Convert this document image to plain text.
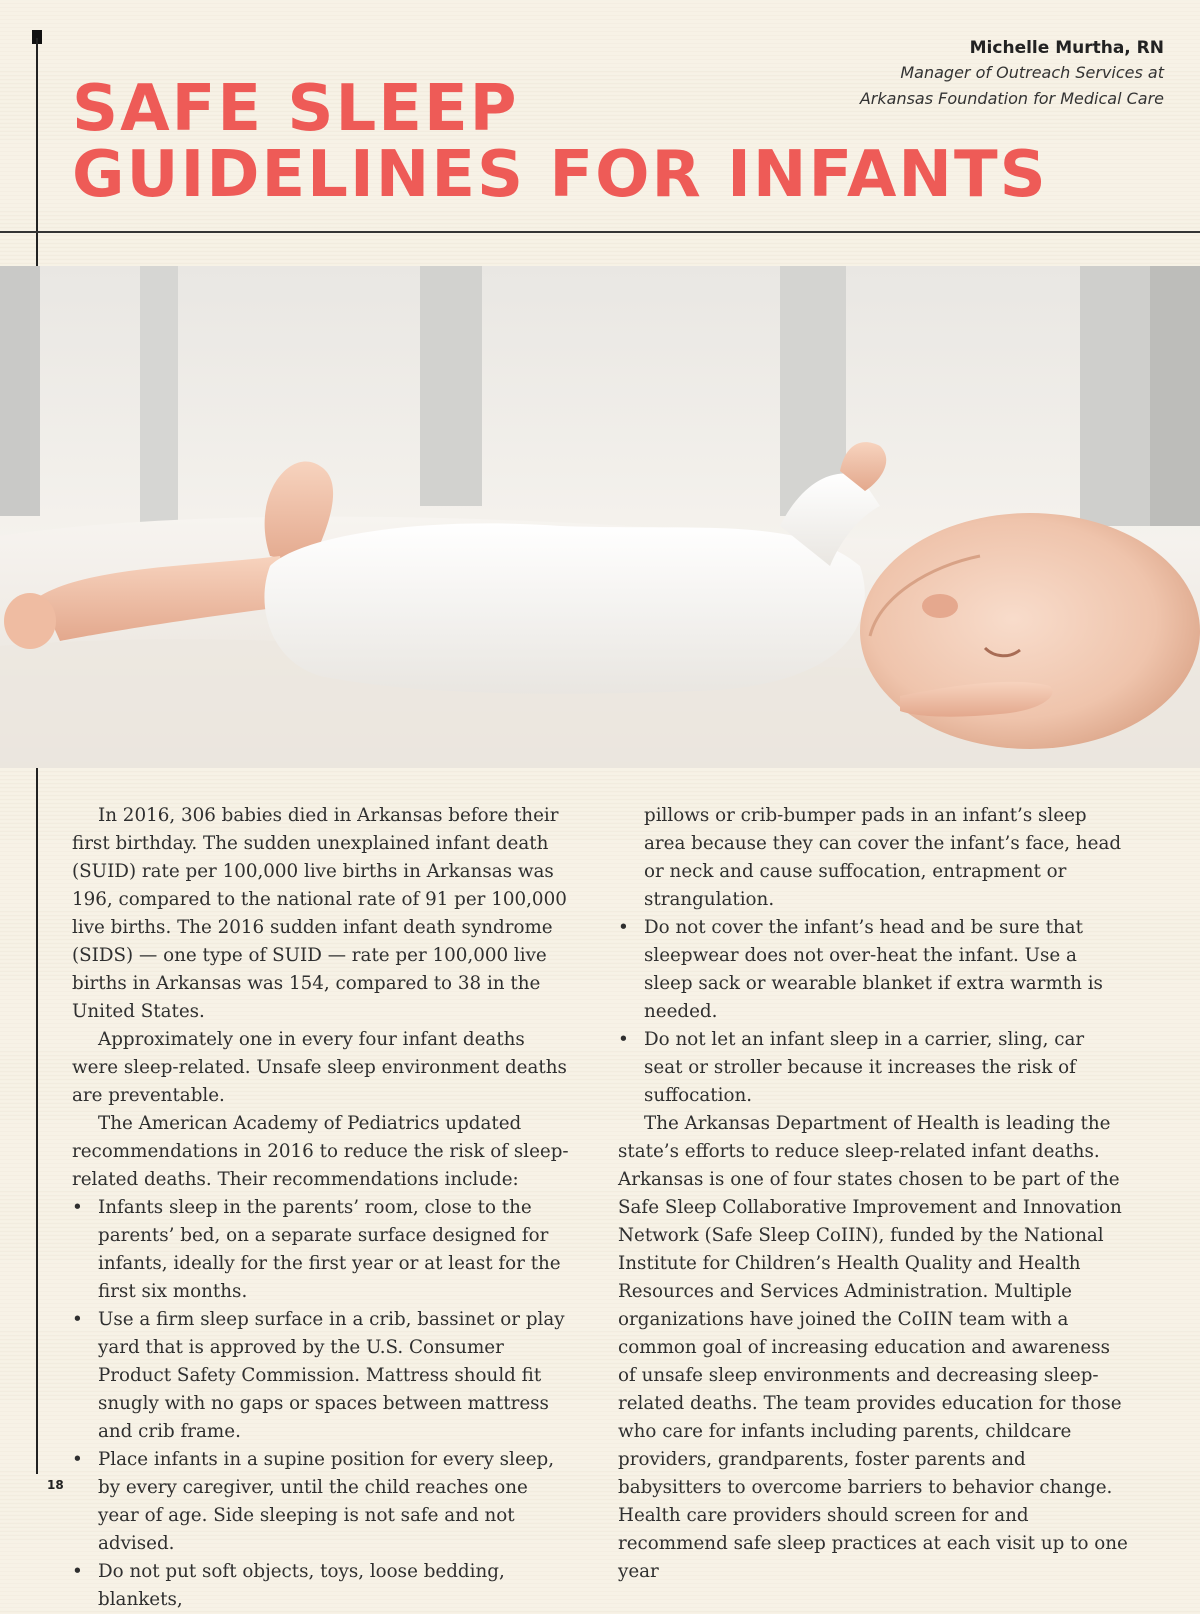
SAFE SLEEP
GUIDELINES FOR INFANTS
Michelle Murtha, RN
Manager of Outreach Services at
Arkansas Foundation for Medical Care

In 2016, 306 babies died in Arkansas before their first birthday. The sudden unexplained infant death (SUID) rate per 100,000 live births in Arkansas was 196, compared to the national rate of 91 per 100,000 live births. The 2016 sudden infant death syndrome (SIDS) — one type of SUID — rate per 100,000 live births in Arkansas was 154, compared to 38 in the United States.

Approximately one in every four infant deaths were sleep-related. Unsafe sleep environment deaths are preventable.

The American Academy of Pediatrics updated recommendations in 2016 to reduce the risk of sleep-related deaths. Their recommendations include:

• Infants sleep in the parents’ room, close to the parents’ bed, on a separate surface designed for infants, ideally for the first year or at least for the first six months.
• Use a firm sleep surface in a crib, bassinet or play yard that is approved by the U.S. Consumer Product Safety Commission. Mattress should fit snugly with no gaps or spaces between mattress and crib frame.
• Place infants in a supine position for every sleep, by every caregiver, until the child reaches one year of age. Side sleeping is not safe and not advised.
• Do not put soft objects, toys, loose bedding, blankets,
pillows or crib-bumper pads in an infant’s sleep area because they can cover the infant’s face, head or neck and cause suffocation, entrapment or strangulation.
• Do not cover the infant’s head and be sure that sleepwear does not over-heat the infant. Use a sleep sack or wearable blanket if extra warmth is needed.
• Do not let an infant sleep in a carrier, sling, car seat or stroller because it increases the risk of suffocation.

The Arkansas Department of Health is leading the state’s efforts to reduce sleep-related infant deaths. Arkansas is one of four states chosen to be part of the Safe Sleep Collaborative Improvement and Innovation Network (Safe Sleep CoIIN), funded by the National Institute for Children’s Health Quality and Health Resources and Services Administration. Multiple organizations have joined the CoIIN team with a common goal of increasing education and awareness of unsafe sleep environments and decreasing sleep-related deaths. The team provides education for those who care for infants including parents, childcare providers, grandparents, foster parents and babysitters to overcome barriers to behavior change. Health care providers should screen for and recommend safe sleep practices at each visit up to one year

18
